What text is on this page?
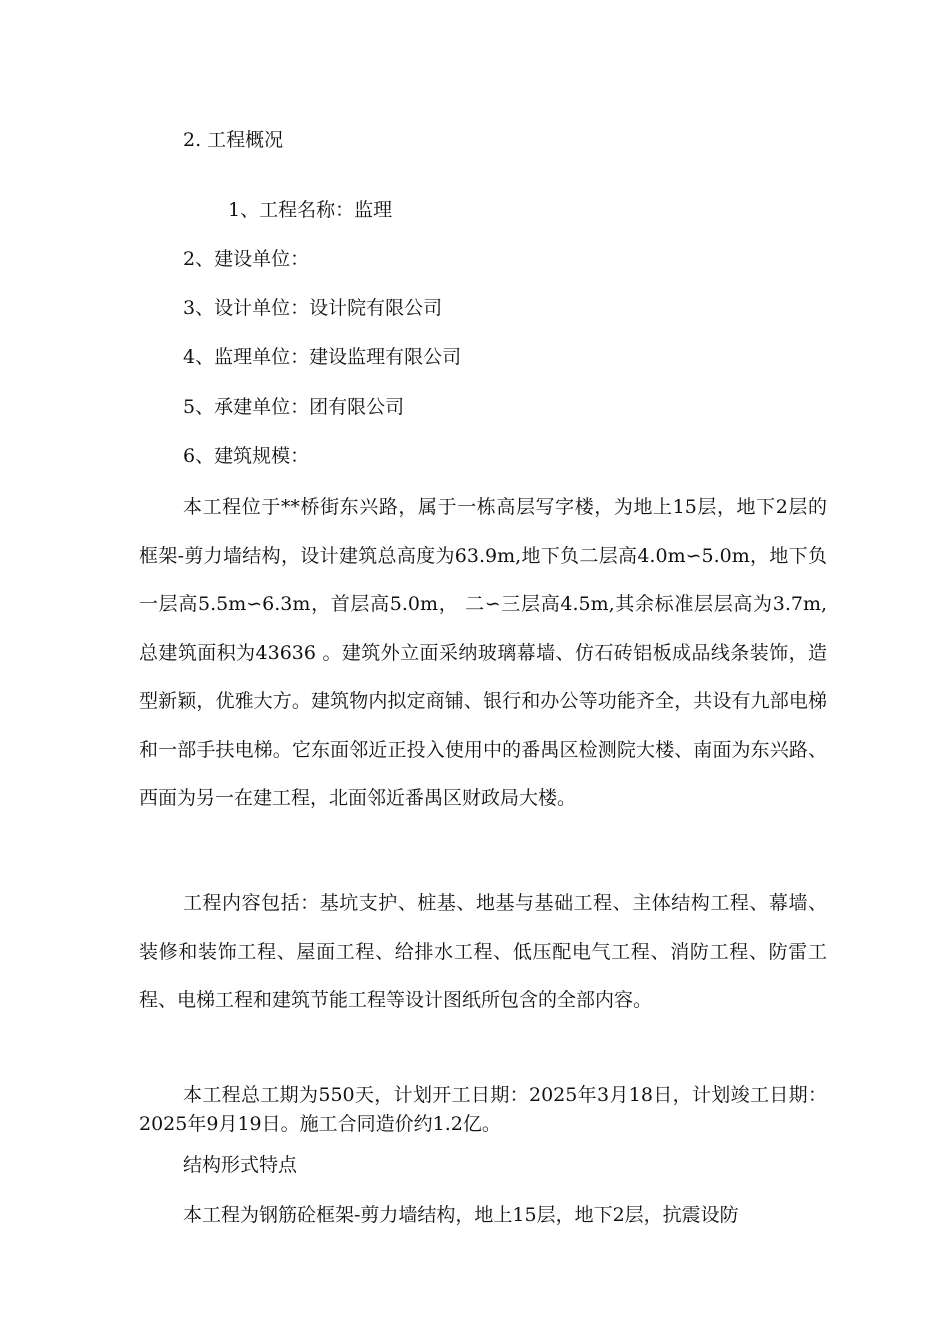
2. 工程概况

1、工程名称：监理

2、建设单位：

3、设计单位：设计院有限公司

4、监理单位：建设监理有限公司

5、承建单位：团有限公司

6、建筑规模：

本工程位于**桥街东兴路，属于一栋高层写字楼，为地上15层，地下2层的框架-剪力墙结构，设计建筑总高度为63.9m,地下负二层高4.0m∽5.0m，地下负一层高5.5m∽6.3m，首层高5.0m， 二∽三层高4.5m,其余标准层层高为3.7m,总建筑面积为43636 。建筑外立面采纳玻璃幕墙、仿石砖铝板成品线条装饰，造型新颖，优雅大方。建筑物内拟定商铺、银行和办公等功能齐全，共设有九部电梯和一部手扶电梯。它东面邻近正投入使用中的番禺区检测院大楼、南面为东兴路、西面为另一在建工程，北面邻近番禺区财政局大楼。

工程内容包括：基坑支护、桩基、地基与基础工程、主体结构工程、幕墙、装修和装饰工程、屋面工程、给排水工程、低压配电气工程、消防工程、防雷工程、电梯工程和建筑节能工程等设计图纸所包含的全部内容。

本工程总工期为550天，计划开工日期：2025年3月18日，计划竣工日期：2025年9月19日。施工合同造价约1.2亿。

结构形式特点

本工程为钢筋砼框架-剪力墙结构，地上15层，地下2层，抗震设防
